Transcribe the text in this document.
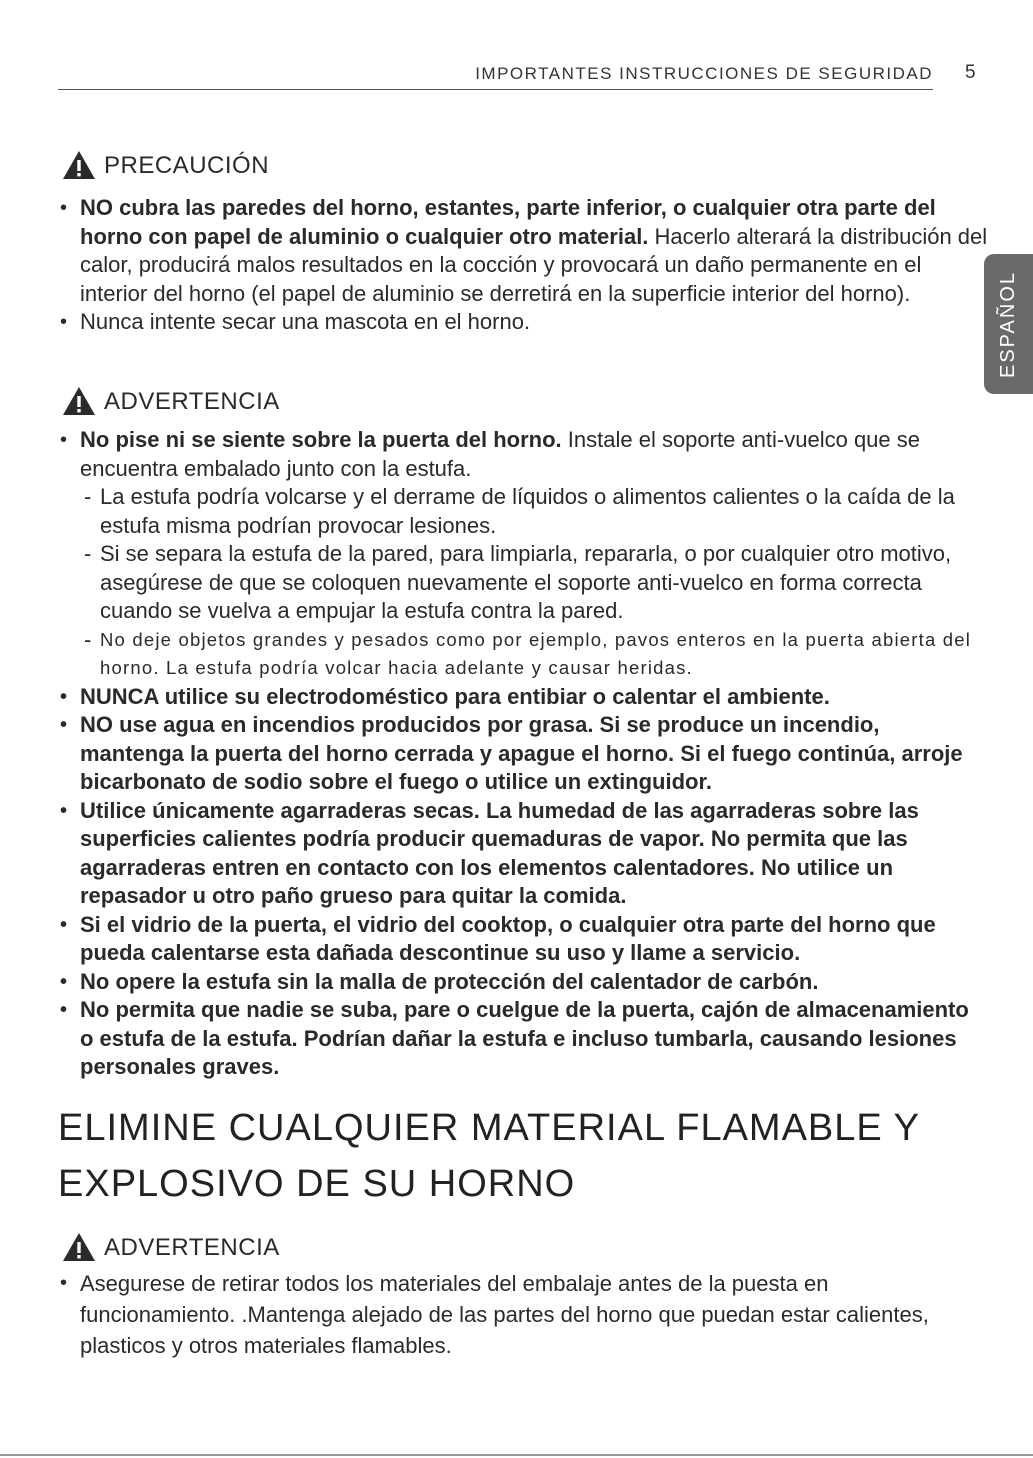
IMPORTANTES INSTRUCCIONES DE SEGURIDAD 5
ESPAÑOL
PRECAUCIÓN
• NO cubra las paredes del horno, estantes, parte inferior, o cualquier otra parte del horno con papel de aluminio o cualquier otro material. Hacerlo alterará la distribución del calor, producirá malos resultados en la cocción y provocará un daño permanente en el interior del horno (el papel de aluminio se derretirá en la superficie interior del horno).
• Nunca intente secar una mascota en el horno.
ADVERTENCIA
• No pise ni se siente sobre la puerta del horno. Instale el soporte anti-vuelco que se encuentra embalado junto con la estufa.
- La estufa podría volcarse y el derrame de líquidos o alimentos calientes o la caída de la estufa misma podrían provocar lesiones.
- Si se separa la estufa de la pared, para limpiarla, repararla, o por cualquier otro motivo, asegúrese de que se coloquen nuevamente el soporte anti-vuelco en forma correcta cuando se vuelva a empujar la estufa contra la pared.
- No deje objetos grandes y pesados como por ejemplo, pavos enteros en la puerta abierta del horno. La estufa podría volcar hacia adelante y causar heridas.
• NUNCA utilice su electrodoméstico para entibiar o calentar el ambiente.
• NO use agua en incendios producidos por grasa. Si se produce un incendio, mantenga la puerta del horno cerrada y apague el horno. Si el fuego continúa, arroje bicarbonato de sodio sobre el fuego o utilice un extinguidor.
• Utilice únicamente agarraderas secas. La humedad de las agarraderas sobre las superficies calientes podría producir quemaduras de vapor. No permita que las agarraderas entren en contacto con los elementos calentadores. No utilice un repasador u otro paño grueso para quitar la comida.
• Si el vidrio de la puerta, el vidrio del cooktop, o cualquier otra parte del horno que pueda calentarse esta dañada descontinue su uso y llame a servicio.
• No opere la estufa sin la malla de protección del calentador de carbón.
• No permita que nadie se suba, pare o cuelgue de la puerta, cajón de almacenamiento o estufa de la estufa. Podrían dañar la estufa e incluso tumbarla, causando lesiones personales graves.
ELIMINE CUALQUIER MATERIAL FLAMABLE Y
EXPLOSIVO DE SU HORNO
ADVERTENCIA
• Asegurese de retirar todos los materiales del embalaje antes de la puesta en funcionamiento. .Mantenga alejado de las partes del horno que puedan estar calientes, plasticos y otros materiales flamables.
